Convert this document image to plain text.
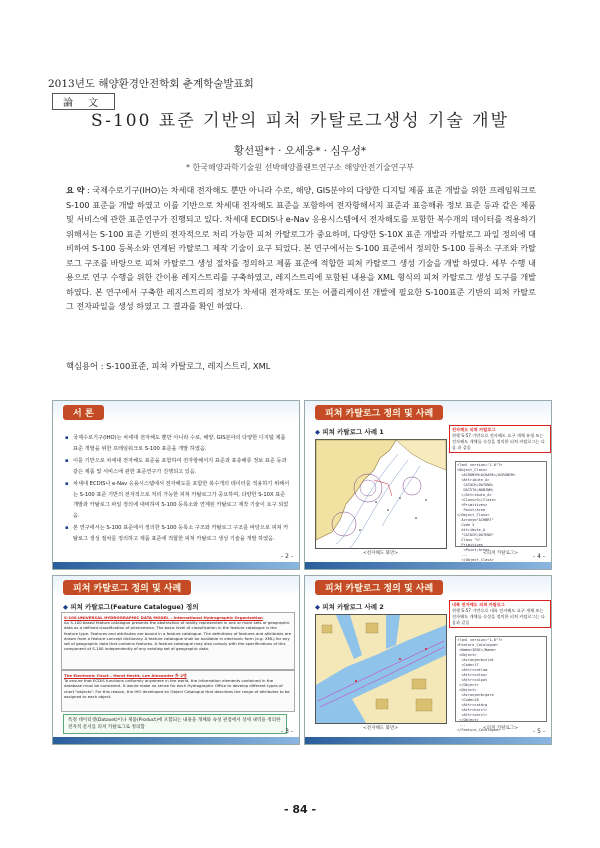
2013년도 해양환경안전학회 춘계학술발표회
論 文
S-100 표준 기반의 피처 카탈로그생성 기술 개발
황선필*† · 오세웅* · 심우성*
* 한국해양과학기술원 선박해양플랜트연구소 해양안전기술연구부
요 약 : 국제수로기구(IHO)는 차세대 전자해도 뿐만 아니라 수로, 해양, GIS분야의 다양한 디지털 제품 표준 개발을 위한 프레임워크로 S-100 표준을 개발 하였고 이를 기반으로 차세대 전자해도 표준을 포함하여 전자항해서지 표준과 표층해류 정보 표준 등과 같은 제품 및 서비스에 관한 표준연구가 진행되고 있다. 차세대 ECDIS나 e-Nav 응용시스템에서 전자해도를 포함한 복수개의 데이터를 적용하기 위해서는 S-100 표준 기반의 전자적으로 처리 가능한 피쳐 카탈로그가 중요하며, 다양한 S-10X 표준 개발과 카탈로그 파일 정의에 대비하여 S-100 등록소와 연계된 카탈로그 제작 기술이 요구 되었다. 본 연구에서는 S-100 표준에서 정의한 S-100 등록소 구조와 카탈로그 구조를 바탕으로 피쳐 카탈로그 생성 절차를 정의하고 제품 표준에 적합한 피쳐 카탈로그 생성 기술을 개발 하였다. 세부 수행 내용으로 연구 수행을 위한 간이용 레지스트리를 구축하였고, 레지스트리에 포함된 내용을 XML 형식의 피쳐 카탈로그 생성 도구를 개발 하였다. 본 연구에서 구축한 레지스트리의 정보가 차세대 전자해도 또는 어플리케이션 개발에 필요한 S-100표준 기반의 피쳐 카탈로그 전자파일을 생성 하였고 그 결과를 확인 하였다.
핵심용어 : S-100표준, 피쳐 카탈로그, 레지스트리, XML
서 론
▪ 국제수로기구(IHO)는 차세대 전자해도 뿐만 아니라 수로, 해양, GIS분야의 다양한 디지털 제품 표준 개발을 위한 프레임워크로 S-100 표준을 개발 하였음.
▪ 이를 기반으로 차세대 전자해도 표준을 포함하여 전자항해서지 표준과 표층해류 정보 표준 등과 같은 제품 및 서비스에 관한 표준연구가 진행되고 있음.
▪ 차세대 ECDIS나 e-Nav 응용시스템에서 전자해도를 포함한 복수개의 데이터를 적용하기 위해서는 S-100 표준 기반의 전자적으로 처리 가능한 피쳐 카탈로그가 중요하며, 다양한 S-10X 표준 개발과 카탈로그 파일 정의에 대비하여 S-100 등록소와 연계된 카탈로그 제작 기술이 요구 되었음.
▪ 본 연구에서는 S-100 표준에서 정의한 S-100 등록소 구조와 카탈로그 구조를 바탕으로 피쳐 카탈로그 생성 절차를 정의하고 제품 표준에 적합한 피쳐 카탈로그 생성 기술을 개발 하였음.
- 2 -
피쳐 카탈로그 정의 및 사례
◆ 피쳐 카탈로그 사례 1
<전자해도 화면>
전자해도 피쳐 카탈로그
현행 S-57 기반으로 전자해도 요구 개체 유형 또는 전자해도 개체를 속성을 정의한 피쳐 카탈로그는 다음 과 같음
<?xml version="1.0"?>
<Object_Class>
<ACRONYM>ACHARE</ACRONYM>
<Attribute_A>
CATACH;DATEND;
DATSTA;NOBJNM;
</Attribute_A>
<Class>G</Class>
<Primitives>
Point;Area
</Object_Class>
Acronym"ACHBRT"
Code 3
Attribute_A
"CATACH;DATEND"
Class "G"
Primitives
<Point;Area>
...
</Object_Class>
<피쳐 카탈로그> - 4 -
피쳐 카탈로그 정의 및 사례
◆ 피쳐 카탈로그(Feature Catalogue) 정의
S-100 UNIVERSAL HYDROGRAPHIC DATA MODEL – International Hydrographic Organization
An S-100 based feature catalogue presents the abstraction of reality represented in one or more sets of geographic data as a defined classification of phenomena. The basic level of classification in the feature catalogue is the feature type. Features and attributes are bound in a feature catalogue. The definitions of features and attributes are drawn from a feature concept dictionary. A feature catalogue shall be available in electronic form (e.g. XML) for any set of geographic data that contains features. A feature catalogue may also comply with the specifications of this component of S-100 independently of any existing set of geographic data.
The Electronic Chart – Horst Hecht, Lee Alexander 外 2명
To ensure that ECDIS functions uniformly anywhere in the world, the information elements contained in the database must be consistent. It would make no sense for each Hydrographic Office to develop different types of chart "objects". For this reason, the IHO developed an Object Catalogue that describes the range of attributes to be assigned to each object.
특정 데이터셋(Dataset)이나 제품(Product)에 포함되는 내용을 개체와 속성 관점에서 상세 내역을 정의한 전자적 문서를 피쳐 카탈로그로 정의함
- 3 -
피쳐 카탈로그 정의 및 사례
◆ 피쳐 카탈로그 사례 2
<전자해도 화면>
내륙 전자해도 피쳐 카탈로그
현행 S-57 기반으로 내륙 전자해도 요구 개체 또는 전자해도 개체를 속성을 정의한 피쳐 카탈로그는 다음과 같음
<?xml version="1.0"?>
<Feature_Catalogue>
<Name>IENC</Name>
<Object>
<Acronym>bcnlat
<Code>17
<Attr>catlam
<Attr>colour
<Attr>colpat
</Object>
<Object>
<Acronym>brgare
<Code>18
<Attr>catbrg
<Attr>horclr
<Attr>verclr
</Object>
...
</Feature_Catalogue>
<피쳐 카탈로그> - 5 -
- 84 -
